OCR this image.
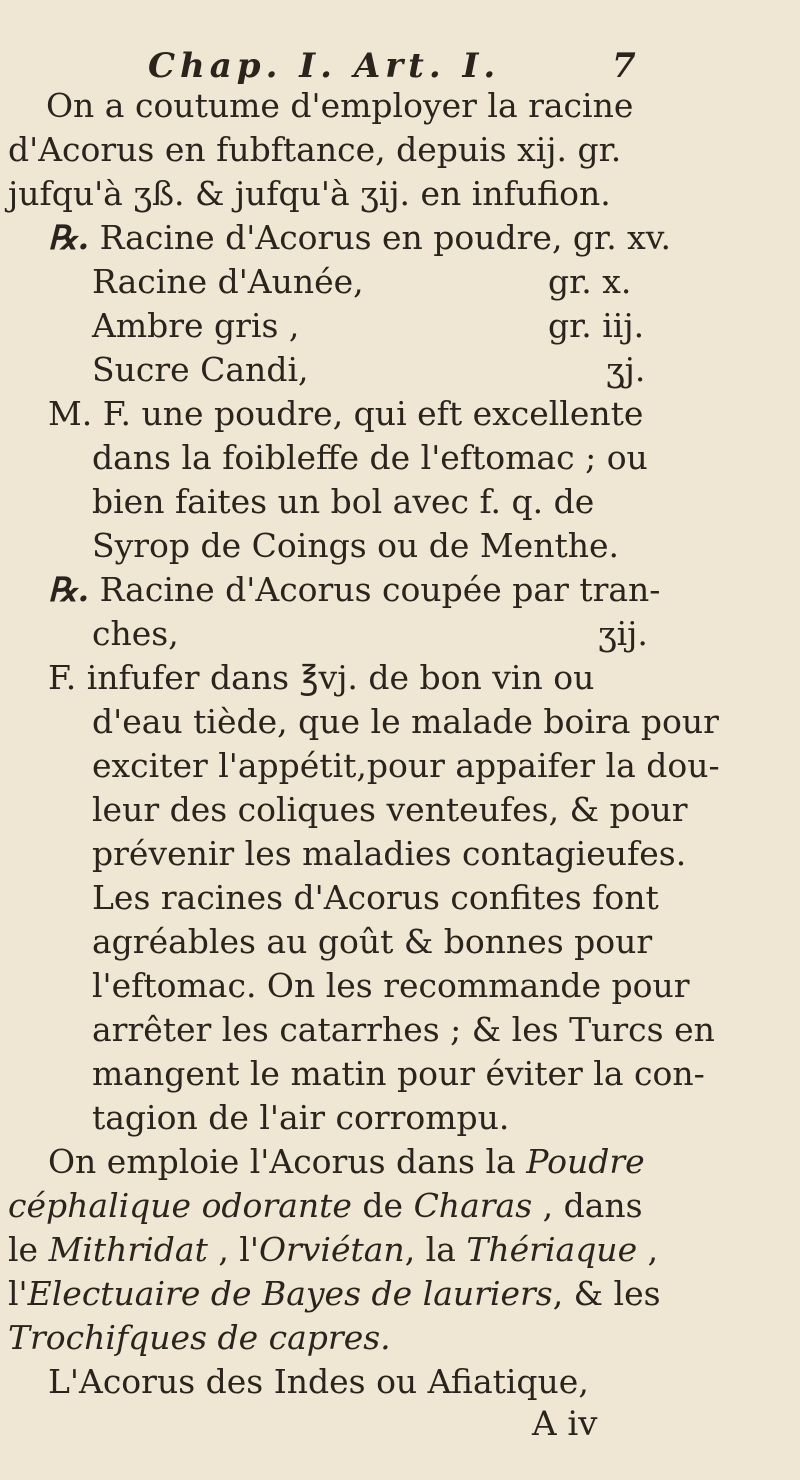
Chap. I. Art. I.	7
On a coutume d'employer la racine
d'Acorus en fubftance, depuis xij. gr.
jufqu'à ʒß. & jufqu'à ʒij. en infufion.
℞. Racine d'Acorus en poudre, gr. xv.
Racine d'Aunée,	gr. x.
Ambre gris ,	gr. iij.
Sucre Candi,	ʒj.
M. F. une poudre, qui eft excellente
dans la foibleffe de l'eftomac ; ou
bien faites un bol avec f. q. de
Syrop de Coings ou de Menthe.
℞. Racine d'Acorus coupée par tran-
ches,	ʒij.
F. infufer dans ℥vj. de bon vin ou
d'eau tiède, que le malade boira pour
exciter l'appétit,pour appaifer la dou-
leur des coliques venteufes, & pour
prévenir les maladies contagieufes.
Les racines d'Acorus confites font
agréables au goût & bonnes pour
l'eftomac. On les recommande pour
arrêter les catarrhes ; & les Turcs en
mangent le matin pour éviter la con-
tagion de l'air corrompu.
On emploie l'Acorus dans la Poudre
céphalique odorante de Charas , dans
le Mithridat , l'Orviétan, la Thériaque ,
l'Electuaire de Bayes de lauriers, & les
Trochifques de capres.
L'Acorus des Indes ou Afiatique,
A iv
